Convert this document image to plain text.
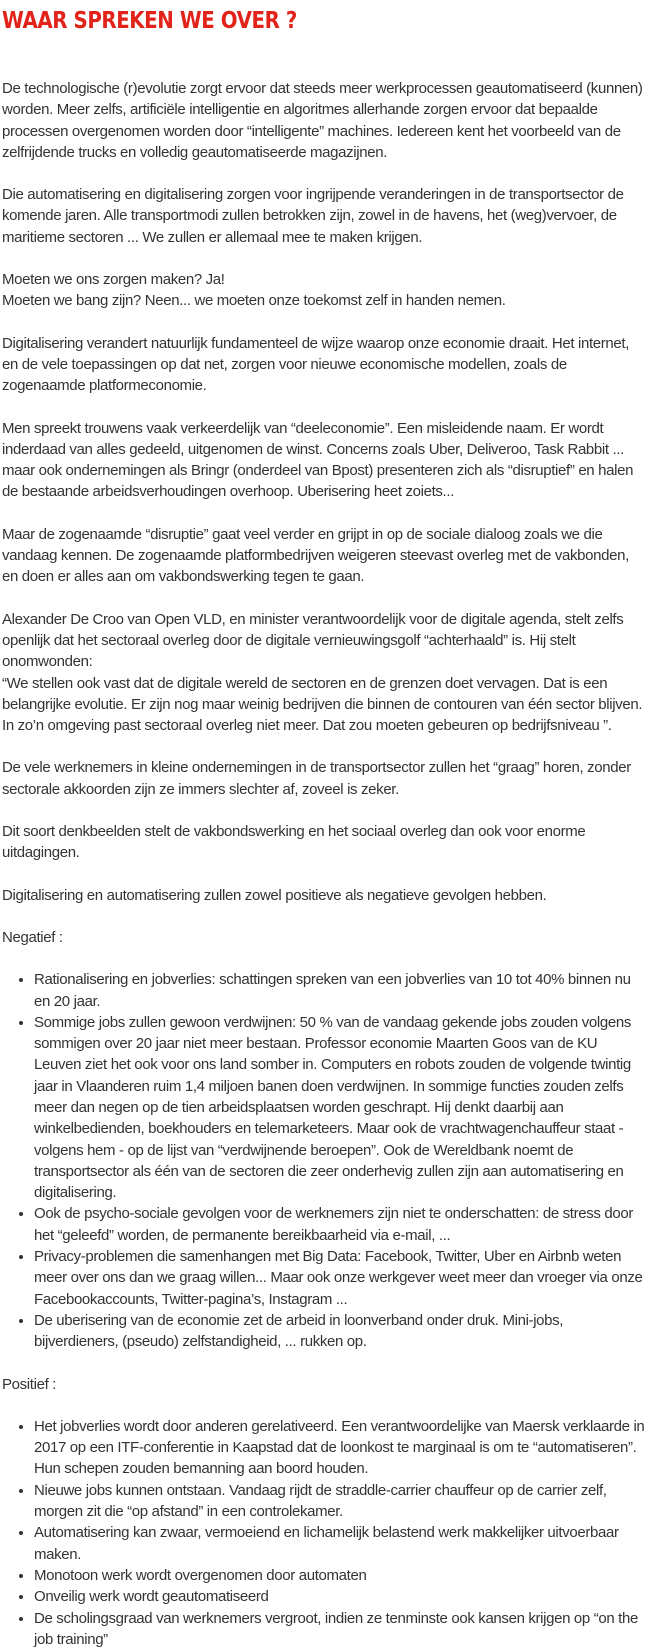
WAAR SPREKEN WE OVER ?

De technologische (r)evolutie zorgt ervoor dat steeds meer werkprocessen geautomatiseerd (kunnen) worden. Meer zelfs, artificiële intelligentie en algoritmes allerhande zorgen ervoor dat bepaalde processen overgenomen worden door “intelligente” machines. Iedereen kent het voorbeeld van de zelfrijdende trucks en volledig geautomatiseerde magazijnen.

Die automatisering en digitalisering zorgen voor ingrijpende veranderingen in de transportsector de komende jaren. Alle transportmodi zullen betrokken zijn, zowel in de havens, het (weg)vervoer, de maritieme sectoren ... We zullen er allemaal mee te maken krijgen.

Moeten we ons zorgen maken? Ja!

Moeten we bang zijn? Neen... we moeten onze toekomst zelf in handen nemen.

Digitalisering verandert natuurlijk fundamenteel de wijze waarop onze economie draait. Het internet, en de vele toepassingen op dat net, zorgen voor nieuwe economische modellen, zoals de zogenaamde platformeconomie.

Men spreekt trouwens vaak verkeerdelijk van “deeleconomie”. Een misleidende naam. Er wordt inderdaad van alles gedeeld, uitgenomen de winst. Concerns zoals Uber, Deliveroo, Task Rabbit ... maar ook ondernemingen als Bringr (onderdeel van Bpost) presenteren zich als “disruptief” en halen de bestaande arbeidsverhoudingen overhoop. Uberisering heet zoiets...

Maar de zogenaamde “disruptie” gaat veel verder en grijpt in op de sociale dialoog zoals we die vandaag kennen. De zogenaamde platformbedrijven weigeren steevast overleg met de vakbonden, en doen er alles aan om vakbondswerking tegen te gaan.

Alexander De Croo van Open VLD, en minister verantwoordelijk voor de digitale agenda, stelt zelfs openlijk dat het sectoraal overleg door de digitale vernieuwingsgolf “achterhaald” is. Hij stelt onomwonden:

“We stellen ook vast dat de digitale wereld de sectoren en de grenzen doet vervagen. Dat is een belangrijke evolutie. Er zijn nog maar weinig bedrijven die binnen de contouren van één sector blijven. In zo’n omgeving past sectoraal overleg niet meer. Dat zou moeten gebeuren op bedrijfsniveau ”.

De vele werknemers in kleine ondernemingen in de transportsector zullen het “graag” horen, zonder sectorale akkoorden zijn ze immers slechter af, zoveel is zeker.

Dit soort denkbeelden stelt de vakbondswerking en het sociaal overleg dan ook voor enorme uitdagingen.

Digitalisering en automatisering zullen zowel positieve als negatieve gevolgen hebben.

Negatief :

• Rationalisering en jobverlies: schattingen spreken van een jobverlies van 10 tot 40% binnen nu en 20 jaar.
• Sommige jobs zullen gewoon verdwijnen: 50 % van de vandaag gekende jobs zouden volgens sommigen over 20 jaar niet meer bestaan. Professor economie Maarten Goos van de KU Leuven ziet het ook voor ons land somber in. Computers en robots zouden de volgende twintig jaar in Vlaanderen ruim 1,4 miljoen banen doen verdwijnen. In sommige functies zouden zelfs meer dan negen op de tien arbeidsplaatsen worden geschrapt. Hij denkt daarbij aan winkelbedienden, boekhouders en telemarketeers. Maar ook de vrachtwagenchauffeur staat - volgens hem - op de lijst van “verdwijnende beroepen”. Ook de Wereldbank noemt de transportsector als één van de sectoren die zeer onderhevig zullen zijn aan automatisering en digitalisering.
• Ook de psycho-sociale gevolgen voor de werknemers zijn niet te onderschatten: de stress door het “geleefd” worden, de permanente bereikbaarheid via e-mail, ...
• Privacy-problemen die samenhangen met Big Data: Facebook, Twitter, Uber en Airbnb weten meer over ons dan we graag willen... Maar ook onze werkgever weet meer dan vroeger via onze Facebookaccounts, Twitter-pagina’s, Instagram ...
• De uberisering van de economie zet de arbeid in loonverband onder druk. Mini-jobs, bijverdieners, (pseudo) zelfstandigheid, ... rukken op.

Positief :

• Het jobverlies wordt door anderen gerelativeerd. Een verantwoordelijke van Maersk verklaarde in 2017 op een ITF-conferentie in Kaapstad dat de loonkost te marginaal is om te “automatiseren”. Hun schepen zouden bemanning aan boord houden.
• Nieuwe jobs kunnen ontstaan. Vandaag rijdt de straddle-carrier chauffeur op de carrier zelf, morgen zit die “op afstand” in een controlekamer.
• Automatisering kan zwaar, vermoeiend en lichamelijk belastend werk makkelijker uitvoerbaar maken.
• Monotoon werk wordt overgenomen door automaten
• Onveilig werk wordt geautomatiseerd
• De scholingsgraad van werknemers vergroot, indien ze tenminste ook kansen krijgen op “on the job training”
